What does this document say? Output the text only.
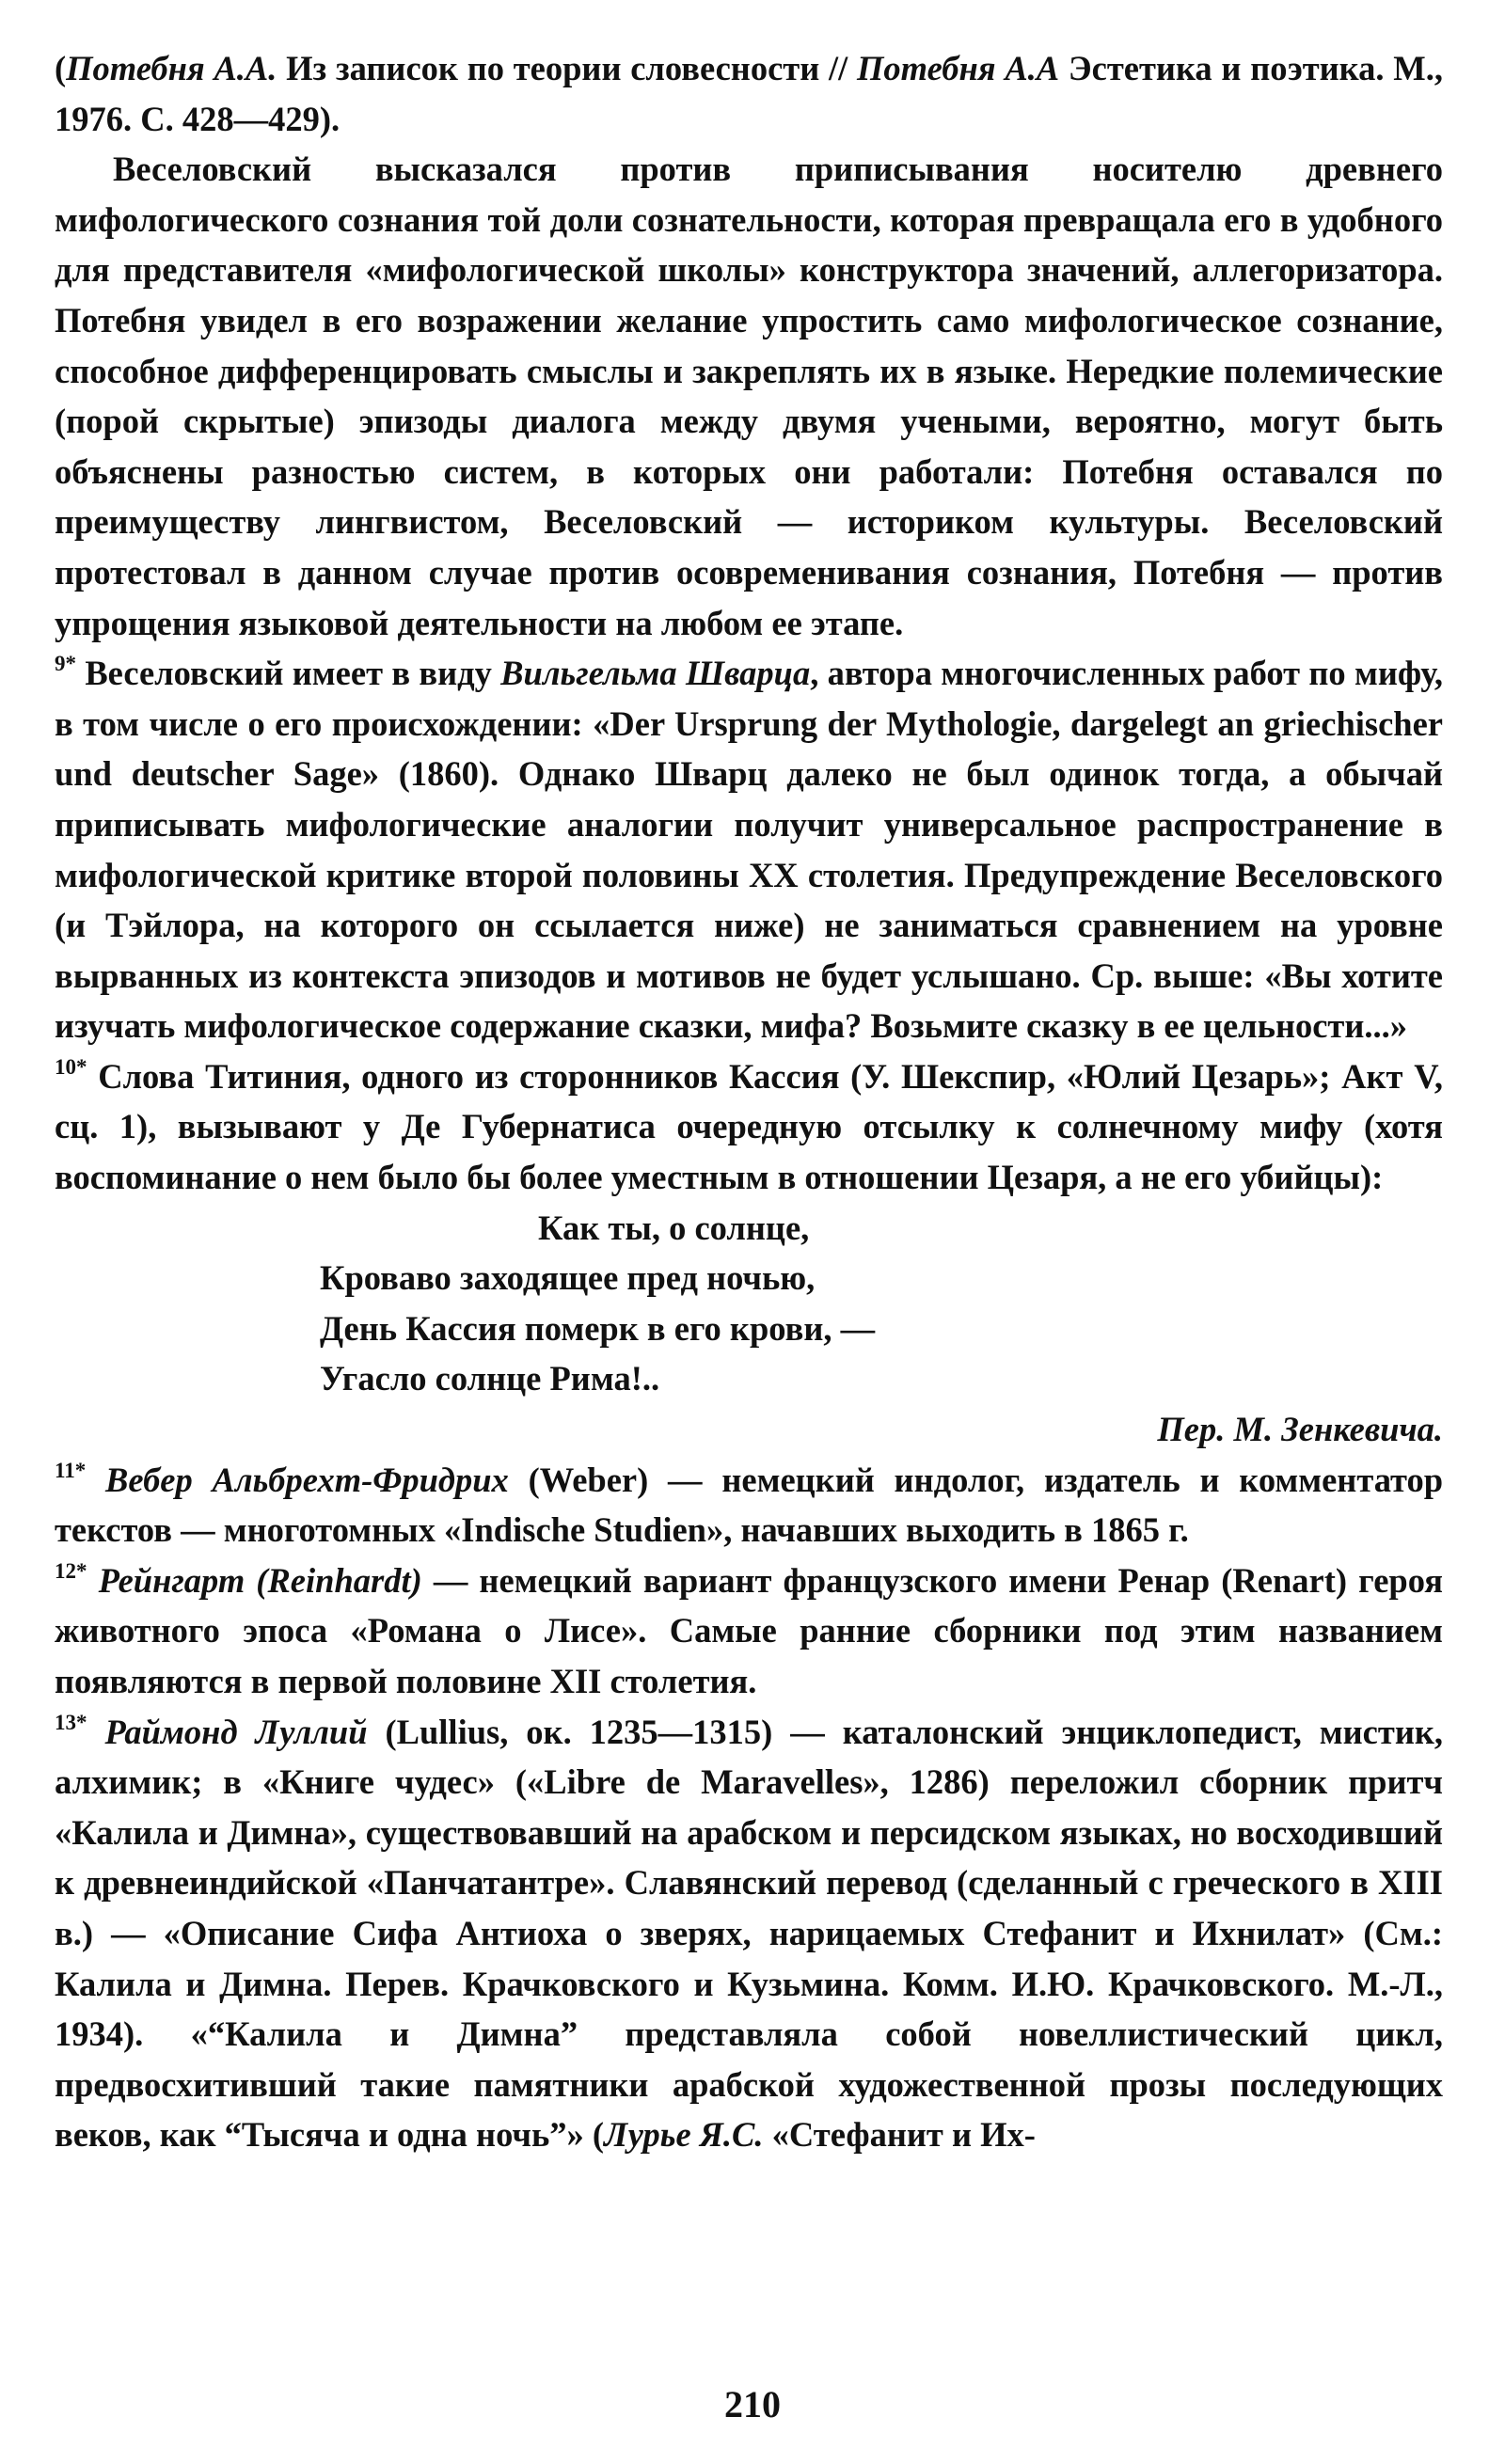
(Потебня А.А. Из записок по теории словесности // Потебня А.А Эстетика и поэтика. М., 1976. С. 428—429).

Веселовский высказался против приписывания носителю древнего мифологического сознания той доли сознательности, которая превращала его в удобного для представителя «мифологической школы» конструктора значений, аллегоризатора. Потебня увидел в его возражении желание упростить само мифологическое сознание, способное дифференцировать смыслы и закреплять их в языке. Нередкие полемические (порой скрытые) эпизоды диалога между двумя учеными, вероятно, могут быть объяснены разностью систем, в которых они работали: Потебня оставался по преимуществу лингвистом, Веселовский — историком культуры. Веселовский протестовал в данном случае против осовременивания сознания, Потебня — против упрощения языковой деятельности на любом ее этапе.

$^{9*}$ Веселовский имеет в виду Вильгельма Шварца, автора многочисленных работ по мифу, в том числе о его происхождении: «Der Ursprung der Mythologie, dargelegt an griechischer und deutscher Sage» (1860). Однако Шварц далеко не был одинок тогда, а обычай приписывать мифологические аналогии получит универсальное распространение в мифологической критике второй половины XX столетия. Предупреждение Веселовского (и Тэйлора, на которого он ссылается ниже) не заниматься сравнением на уровне вырванных из контекста эпизодов и мотивов не будет услышано. Ср. выше: «Вы хотите изучать мифологическое содержание сказки, мифа? Возьмите сказку в ее цельности...»

$^{10*}$ Слова Титиния, одного из сторонников Кассия (У. Шекспир, «Юлий Цезарь»; Акт V, сц. 1), вызывают у Де Губернатиса очередную отсылку к солнечному мифу (хотя воспоминание о нем было бы более уместным в отношении Цезаря, а не его убийцы):

Как ты, о солнце,
Кроваво заходящее пред ночью,
День Кассия померк в его крови, —
Угасло солнце Рима!..
Пер. М. Зенкевича.

$^{11*}$ Вебер Альбрехт-Фридрих (Weber) — немецкий индолог, издатель и комментатор текстов — многотомных «Indische Studien», начавших выходить в 1865 г.

$^{12*}$ Рейнгарт (Reinhardt) — немецкий вариант французского имени Ренар (Renart) героя животного эпоса «Романа о Лисе». Самые ранние сборники под этим названием появляются в первой половине XII столетия.

$^{13*}$ Раймонд Луллий (Lullius, ок. 1235—1315) — каталонский энциклопедист, мистик, алхимик; в «Книге чудес» («Libre de Maravelles», 1286) переложил сборник притч «Калила и Димна», существовавший на арабском и персидском языках, но восходивший к древнеиндийской «Панчатантре». Славянский перевод (сделанный с греческого в XIII в.) — «Описание Сифа Антиоха о зверях, нарицаемых Стефанит и Ихнилат» (См.: Калила и Димна. Перев. Крачковского и Кузьмина. Комм. И.Ю. Крачковского. М.-Л., 1934). «“Калила и Димна” представляла собой новеллистический цикл, предвосхитивший такие памятники арабской художественной прозы последующих веков, как “Тысяча и одна ночь”» (Лурье Я.С. «Стефанит и Их-

210
